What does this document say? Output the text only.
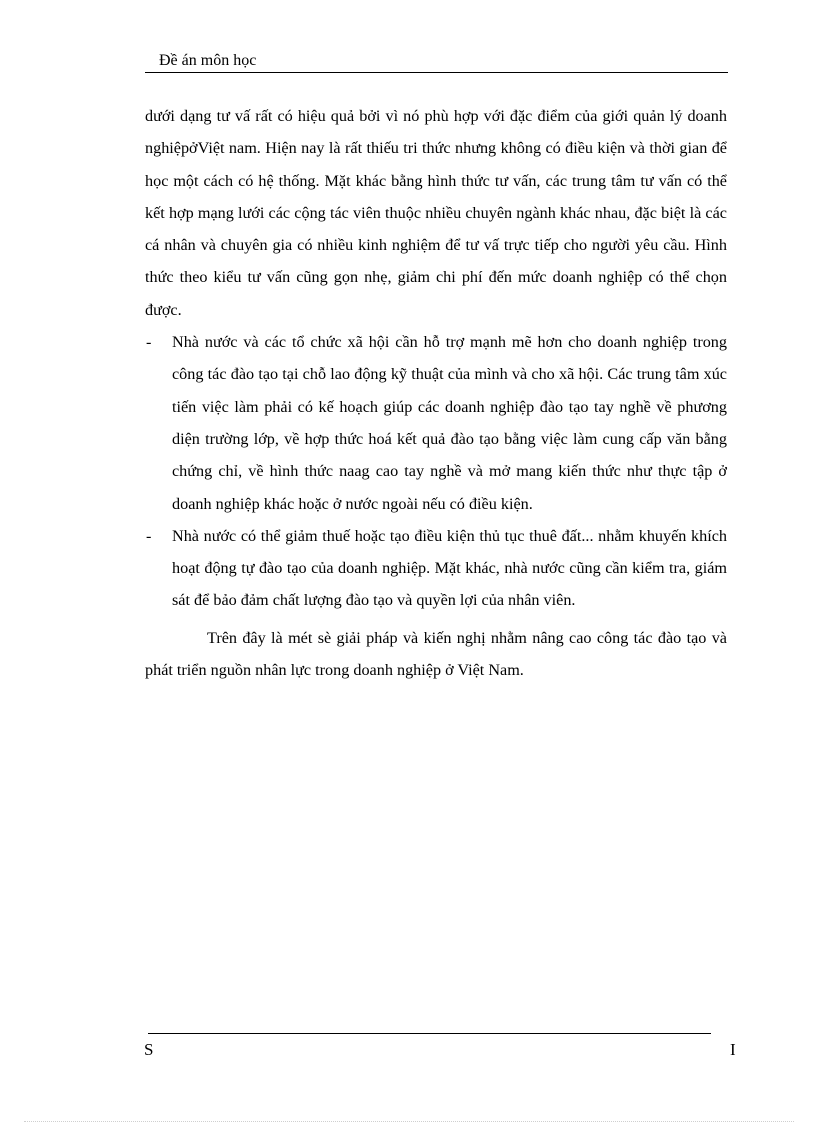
Đề án môn học

dưới dạng tư vấ rất có hiệu quả bởi vì nó phù hợp với đặc điểm của giới quản lý doanh nghiệpởViệt nam. Hiện nay là rất thiếu tri thức nhưng không có điều kiện và thời gian để học một cách có hệ thống. Mặt khác bằng hình thức tư vấn, các trung tâm tư vấn có thể kết hợp mạng lưới các cộng tác viên thuộc nhiều chuyên ngành khác nhau, đặc biệt là các cá nhân và chuyên gia có nhiều kinh nghiệm để tư vấ trực tiếp cho người yêu cầu. Hình thức theo kiểu tư vấn cũng gọn nhẹ, giảm chi phí đến mức doanh nghiệp có thể chọn được.

- Nhà nước và các tổ chức xã hội cần hỗ trợ mạnh mẽ hơn cho doanh nghiệp trong công tác đào tạo tại chỗ lao động kỹ thuật của mình và cho xã hội. Các trung tâm xúc tiến việc làm phải có kế hoạch giúp các doanh nghiệp đào tạo tay nghề về phương diện trường lớp, về hợp thức hoá kết quả đào tạo bằng việc làm cung cấp văn bằng chứng chỉ, về hình thức naag cao tay nghề và mở mang kiến thức như thực tập ở doanh nghiệp khác hoặc ở nước ngoài nếu có điều kiện.
- Nhà nước có thể giảm thuế hoặc tạo điều kiện thủ tục thuê đất... nhằm khuyến khích hoạt động tự đào tạo của doanh nghiệp. Mặt khác, nhà nước cũng cần kiểm tra, giám sát để bảo đảm chất lượng đào tạo và quyền lợi của nhân viên.

Trên đây là mét sè giải pháp và kiến nghị nhằm nâng cao công tác đào tạo và phát triển nguồn nhân lực trong doanh nghiệp ở Việt Nam.

S	I
